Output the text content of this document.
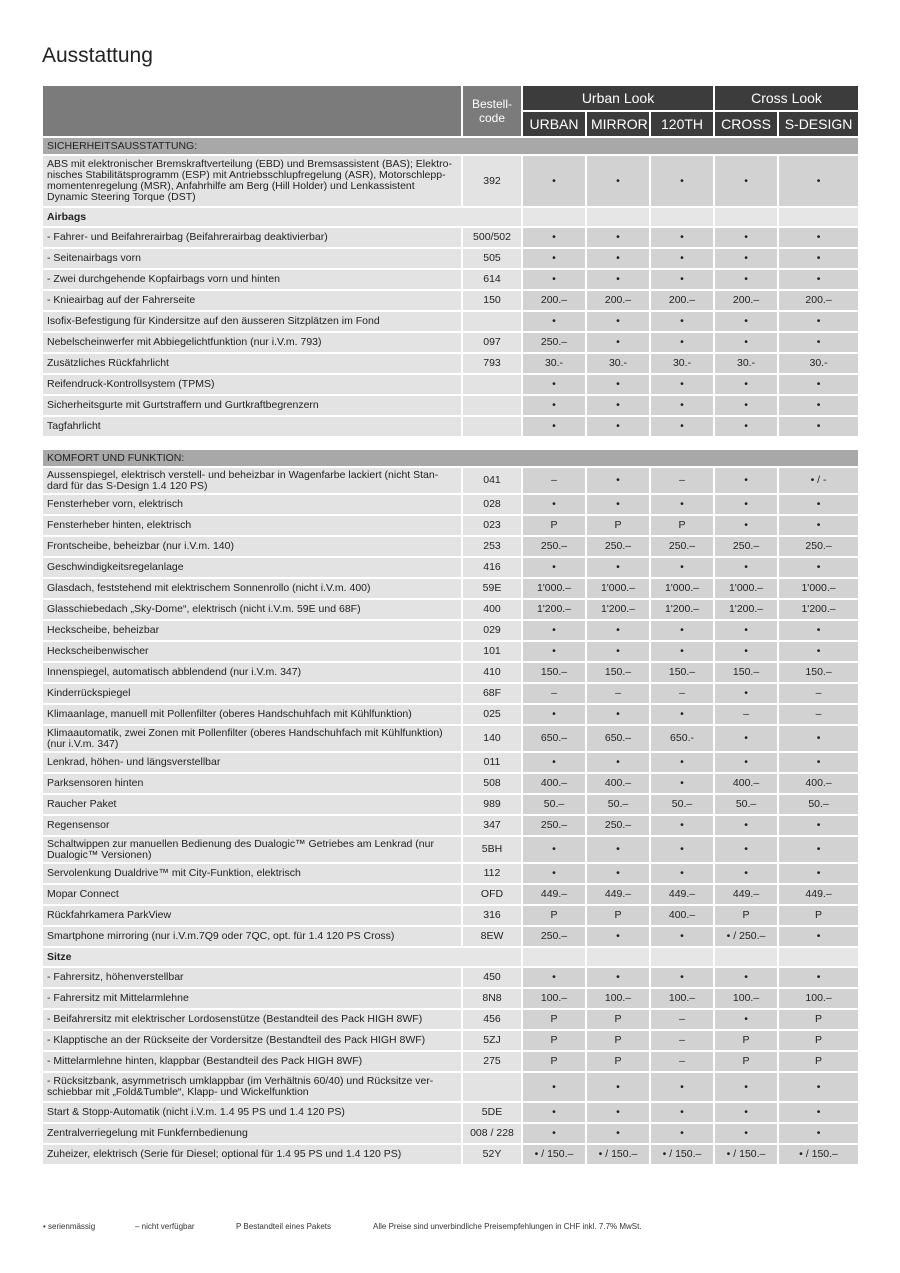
Ausstattung
	Bestell-
code	Urban Look			Cross Look	
		URBAN	MIRROR	120TH	CROSS	S-DESIGN
SICHERHEITSAUSSTATTUNG:						
ABS mit elektronischer Bremskraftverteilung (EBD) und Bremsassistent (BAS); Elektro-nisches Stabilitätsprogramm (ESP) mit Antriebsschlupfregelung (ASR), Motorschlepp-momentenregelung (MSR), Anfahrhilfe am Berg (Hill Holder) und Lenkassistent Dynamic Steering Torque (DST)	392	•	•	•	•	•
Airbags						
- Fahrer- und Beifahrerairbag (Beifahrerairbag deaktivierbar)	500/502	•	•	•	•	•
- Seitenairbags vorn	505	•	•	•	•	•
- Zwei durchgehende Kopfairbags vorn und hinten	614	•	•	•	•	•
- Knieairbag auf der Fahrerseite	150	200.–	200.–	200.–	200.–	200.–
Isofix-Befestigung für Kindersitze auf den äusseren Sitzplätzen im Fond		•	•	•	•	•
Nebelscheinwerfer mit Abbiegelichtfunktion (nur i.V.m. 793)	097	250.–	•	•	•	•
Zusätzliches Rückfahrlicht	793	30.-	30.-	30.-	30.-	30.-
Reifendruck-Kontrollsystem (TPMS)		•	•	•	•	•
Sicherheitsgurte mit Gurtstraffern und Gurtkraftbegrenzern		•	•	•	•	•
Tagfahrlicht		•	•	•	•	•

KOMFORT UND FUNKTION:						
Aussenspiegel, elektrisch verstell- und beheizbar in Wagenfarbe lackiert (nicht Stan-dard für das S-Design 1.4 120 PS)	041	–	•	–	•	• / -
Fensterheber vorn, elektrisch	028	•	•	•	•	•
Fensterheber hinten, elektrisch	023	P	P	P	•	•
Frontscheibe, beheizbar (nur i.V.m. 140)	253	250.–	250.–	250.–	250.–	250.–
Geschwindigkeitsregelanlage	416	•	•	•	•	•
Glasdach, feststehend mit elektrischem Sonnenrollo (nicht i.V.m. 400)	59E	1'000.–	1'000.–	1'000.–	1'000.–	1'000.–
Glasschiebedach „Sky-Dome“, elektrisch (nicht i.V.m. 59E und 68F)	400	1'200.–	1'200.–	1'200.–	1'200.–	1'200.–
Heckscheibe, beheizbar	029	•	•	•	•	•
Heckscheibenwischer	101	•	•	•	•	•
Innenspiegel, automatisch abblendend (nur i.V.m. 347)	410	150.–	150.–	150.–	150.–	150.–
Kinderrückspiegel	68F	–	–	–	•	–
Klimaanlage, manuell mit Pollenfilter (oberes Handschuhfach mit Kühlfunktion)	025	•	•	•	–	–
Klimaautomatik, zwei Zonen mit Pollenfilter (oberes Handschuhfach mit Kühlfunktion) (nur i.V.m. 347)	140	650.–	650.–	650.-	•	•
Lenkrad, höhen- und längsverstellbar	011	•	•	•	•	•
Parksensoren hinten	508	400.–	400.–	•	400.–	400.–
Raucher Paket	989	50.–	50.–	50.–	50.–	50.–
Regensensor	347	250.–	250.–	•	•	•
Schaltwippen zur manuellen Bedienung des Dualogic™ Getriebes am Lenkrad (nur Dualogic™ Versionen)	5BH	•	•	•	•	•
Servolenkung Dualdrive™ mit City-Funktion, elektrisch	112	•	•	•	•	•
Mopar Connect	OFD	449.–	449.–	449.–	449.–	449.–
Rückfahrkamera ParkView	316	P	P	400.–	P	P
Smartphone mirroring (nur i.V.m.7Q9 oder 7QC, opt. für 1.4 120 PS Cross)	8EW	250.–	•	•	• / 250.–	•
Sitze						
- Fahrersitz, höhenverstellbar	450	•	•	•	•	•
- Fahrersitz mit Mittelarmlehne	8N8	100.–	100.–	100.–	100.–	100.–
- Beifahrersitz mit elektrischer Lordosenstütze (Bestandteil des Pack HIGH 8WF)	456	P	P	–	•	P
- Klapptische an der Rückseite der Vordersitze (Bestandteil des Pack HIGH 8WF)	5ZJ	P	P	–	P	P
- Mittelarmlehne hinten, klappbar (Bestandteil des Pack HIGH 8WF)	275	P	P	–	P	P
- Rücksitzbank, asymmetrisch umklappbar (im Verhältnis 60/40) und Rücksitze ver-schiebbar mit „Fold&Tumble“, Klapp- und Wickelfunktion		•	•	•	•	•
Start & Stopp-Automatik (nicht i.V.m. 1.4 95 PS und 1.4 120 PS)	5DE	•	•	•	•	•
Zentralverriegelung mit Funkfernbedienung	008 / 228	•	•	•	•	•
Zuheizer, elektrisch (Serie für Diesel; optional für 1.4 95 PS und 1.4 120 PS)	52Y	• / 150.–	• / 150.–	• / 150.–	• / 150.–	• / 150.–
• serienmässig	– nicht verfügbar	P Bestandteil eines Pakets	Alle Preise sind unverbindliche Preisempfehlungen in CHF inkl. 7.7% MwSt.
